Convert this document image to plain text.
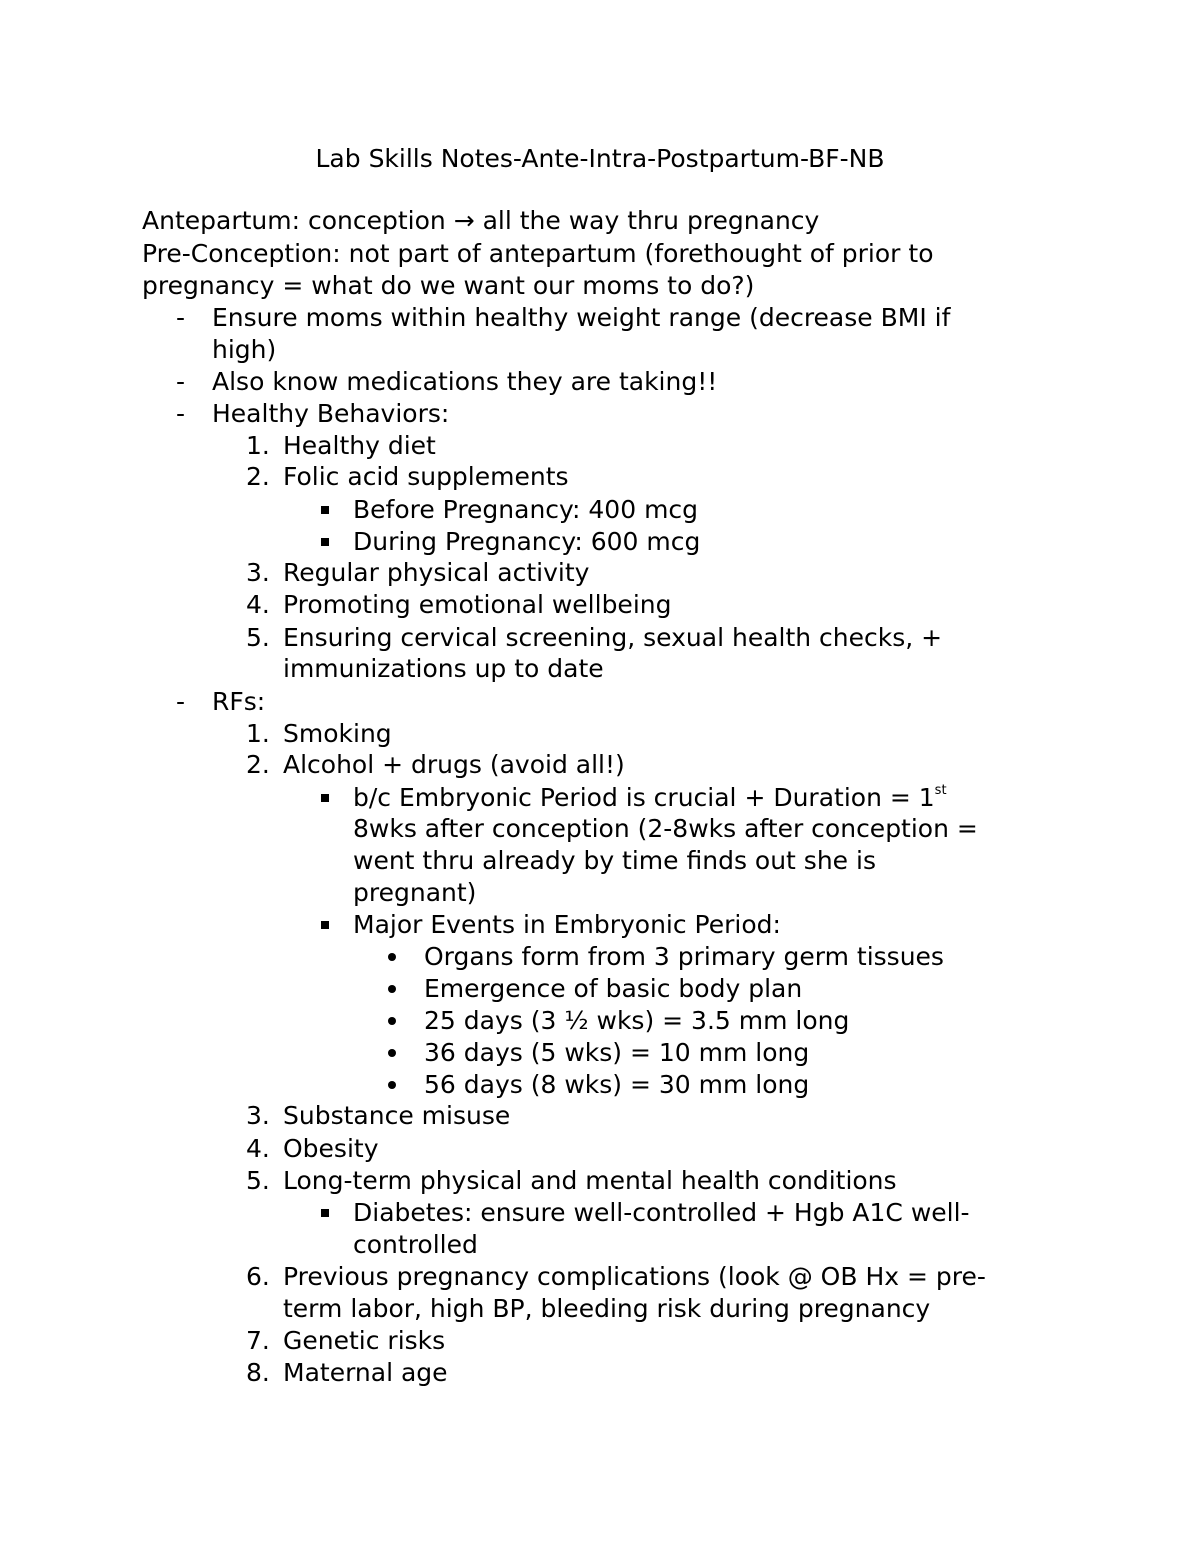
Lab Skills Notes-Ante-Intra-Postpartum-BF-NB
Antepartum: conception → all the way thru pregnancy
Pre-Conception: not part of antepartum (forethought of prior to
pregnancy = what do we want our moms to do?)
- Ensure moms within healthy weight range (decrease BMI if
high)
- Also know medications they are taking!!
- Healthy Behaviors:
1. Healthy diet
2. Folic acid supplements
Before Pregnancy: 400 mcg
During Pregnancy: 600 mcg
3. Regular physical activity
4. Promoting emotional wellbeing
5. Ensuring cervical screening, sexual health checks, +
immunizations up to date
- RFs:
1. Smoking
2. Alcohol + drugs (avoid all!)
b/c Embryonic Period is crucial + Duration = 1st
8wks after conception (2-8wks after conception =
went thru already by time finds out she is
pregnant)
Major Events in Embryonic Period:
Organs form from 3 primary germ tissues
Emergence of basic body plan
25 days (3 ½ wks) = 3.5 mm long
36 days (5 wks) = 10 mm long
56 days (8 wks) = 30 mm long
3. Substance misuse
4. Obesity
5. Long-term physical and mental health conditions
Diabetes: ensure well-controlled + Hgb A1C well-
controlled
6. Previous pregnancy complications (look @ OB Hx = pre-
term labor, high BP, bleeding risk during pregnancy
7. Genetic risks
8. Maternal age
